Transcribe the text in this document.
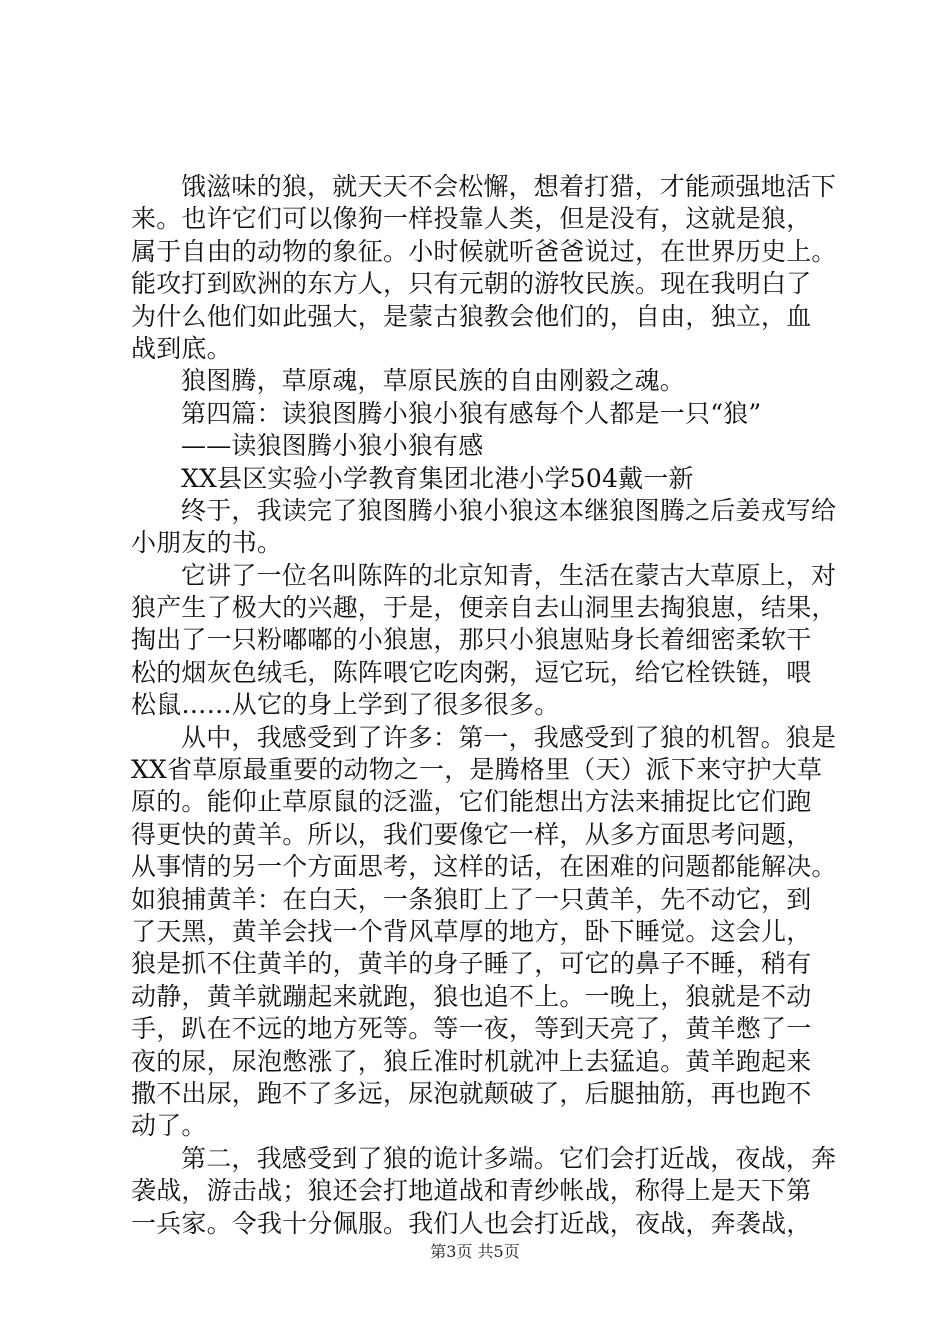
饿滋味的狼，就天天不会松懈，想着打猎，才能顽强地活下
来。也许它们可以像狗一样投靠人类，但是没有，这就是狼，
属于自由的动物的象征。小时候就听爸爸说过，在世界历史上。
能攻打到欧洲的东方人，只有元朝的游牧民族。现在我明白了
为什么他们如此强大，是蒙古狼教会他们的，自由，独立，血
战到底。
狼图腾，草原魂，草原民族的自由刚毅之魂。
第四篇：读狼图腾小狼小狼有感每个人都是一只“狼”
——读狼图腾小狼小狼有感
XX县区实验小学教育集团北港小学504戴一新
终于，我读完了狼图腾小狼小狼这本继狼图腾之后姜戎写给
小朋友的书。
它讲了一位名叫陈阵的北京知青，生活在蒙古大草原上，对
狼产生了极大的兴趣，于是，便亲自去山洞里去掏狼崽，结果，
掏出了一只粉嘟嘟的小狼崽，那只小狼崽贴身长着细密柔软干
松的烟灰色绒毛，陈阵喂它吃肉粥，逗它玩，给它栓铁链，喂
松鼠……从它的身上学到了很多很多。
从中，我感受到了许多：第一，我感受到了狼的机智。狼是
XX省草原最重要的动物之一，是腾格里（天）派下来守护大草
原的。能仰止草原鼠的泛滥，它们能想出方法来捕捉比它们跑
得更快的黄羊。所以，我们要像它一样，从多方面思考问题，
从事情的另一个方面思考，这样的话，在困难的问题都能解决。
如狼捕黄羊：在白天，一条狼盯上了一只黄羊，先不动它，到
了天黑，黄羊会找一个背风草厚的地方，卧下睡觉。这会儿，
狼是抓不住黄羊的，黄羊的身子睡了，可它的鼻子不睡，稍有
动静，黄羊就蹦起来就跑，狼也追不上。一晚上，狼就是不动
手，趴在不远的地方死等。等一夜，等到天亮了，黄羊憋了一
夜的尿，尿泡憋涨了，狼丘准时机就冲上去猛追。黄羊跑起来
撒不出尿，跑不了多远，尿泡就颠破了，后腿抽筋，再也跑不
动了。
第二，我感受到了狼的诡计多端。它们会打近战，夜战，奔
袭战，游击战；狼还会打地道战和青纱帐战，称得上是天下第
一兵家。令我十分佩服。我们人也会打近战，夜战，奔袭战，
第3页 共5页
